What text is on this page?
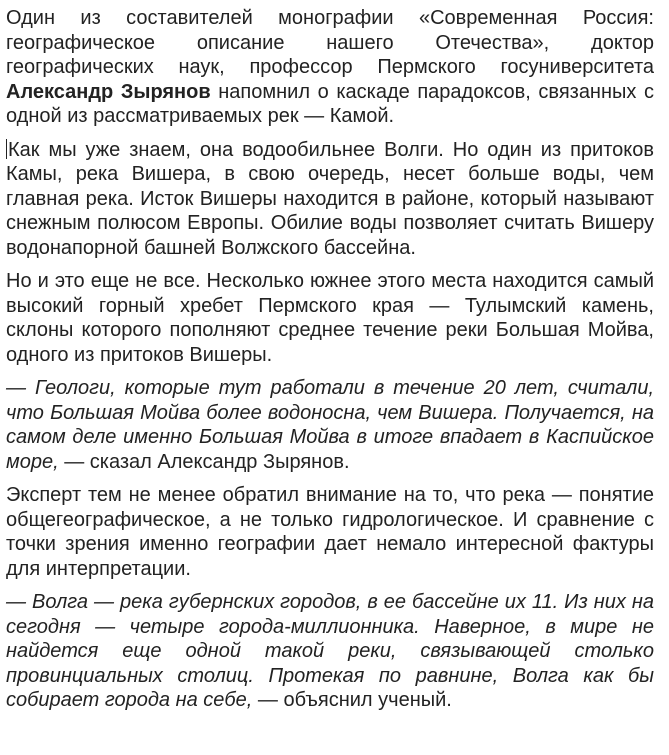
Один из составителей монографии «Современная Россия: географическое описание нашего Отечества», доктор географических наук, профессор Пермского госуниверситета Александр Зырянов напомнил о каскаде парадоксов, связанных с одной из рассматриваемых рек — Камой.

Как мы уже знаем, она водообильнее Волги. Но один из притоков Камы, река Вишера, в свою очередь, несет больше воды, чем главная река. Исток Вишеры находится в районе, который называют снежным полюсом Европы. Обилие воды позволяет считать Вишеру водонапорной башней Волжского бассейна.

Но и это еще не все. Несколько южнее этого места находится самый высокий горный хребет Пермского края — Тулымский камень, склоны которого пополняют среднее течение реки Большая Мойва, одного из притоков Вишеры.

— Геологи, которые тут работали в течение 20 лет, считали, что Большая Мойва более водоносна, чем Вишера. Получается, на самом деле именно Большая Мойва в итоге впадает в Каспийское море, — сказал Александр Зырянов.

Эксперт тем не менее обратил внимание на то, что река — понятие общегеографическое, а не только гидрологическое. И сравнение с точки зрения именно географии дает немало интересной фактуры для интерпретации.

— Волга — река губернских городов, в ее бассейне их 11. Из них на сегодня — четыре города-миллионника. Наверное, в мире не найдется еще одной такой реки, связывающей столько провинциальных столиц. Протекая по равнине, Волга как бы собирает города на себе, — объяснил ученый.
